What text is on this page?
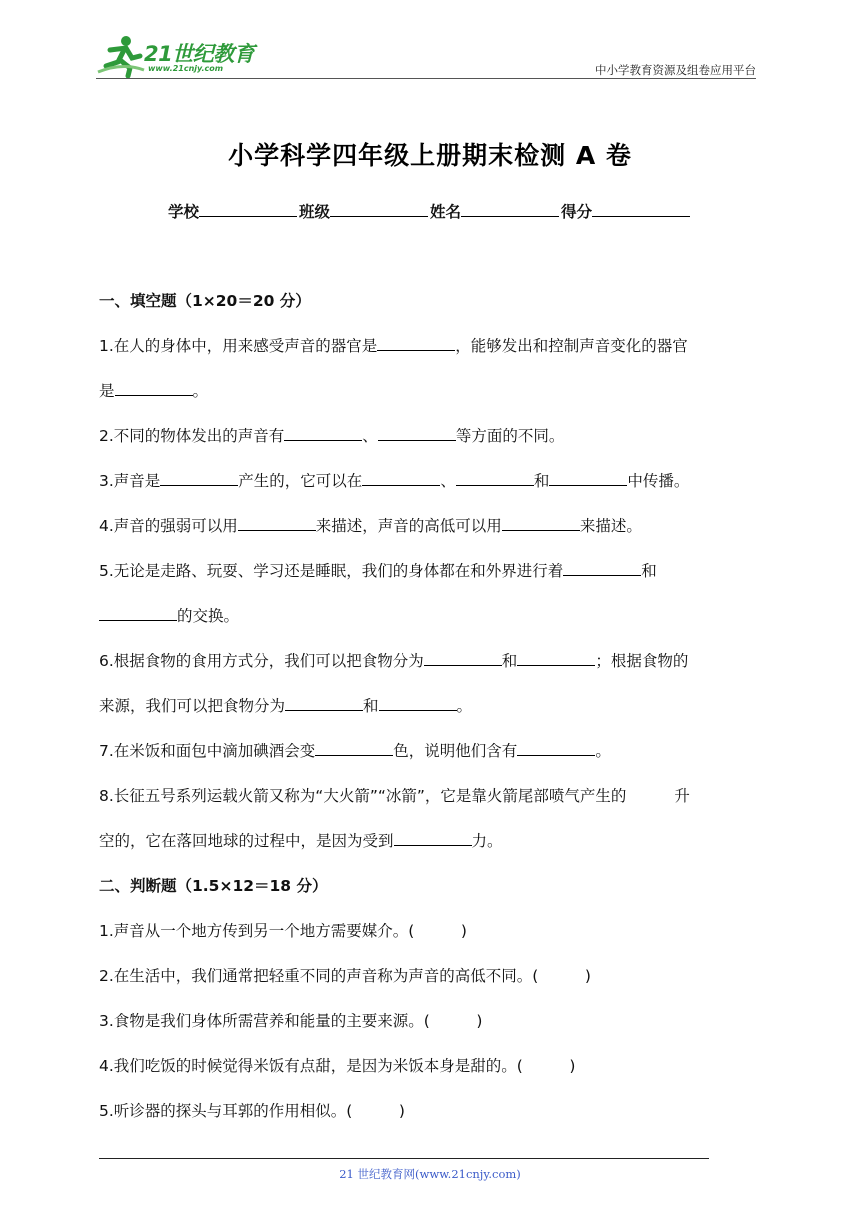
21世纪教育
www.21cnjy.com	中小学教育资源及组卷应用平台
小学科学四年级上册期末检测 A 卷
学校	班级	姓名	得分
一、填空题（1×20＝20 分）
1.在人的身体中，用来感受声音的器官是	，能够发出和控制声音变化的器官
是	。
2.不同的物体发出的声音有	、	等方面的不同。
3.声音是	产生的，它可以在	、	和	中传播。
4.声音的强弱可以用	来描述，声音的高低可以用	来描述。
5.无论是走路、玩耍、学习还是睡眠，我们的身体都在和外界进行着	和
的交换。
6.根据食物的食用方式分，我们可以把食物分为	和	；根据食物的
来源，我们可以把食物分为	和	。
7.在米饭和面包中滴加碘酒会变	色，说明他们含有	。
8.长征五号系列运载火箭又称为“大火箭”“冰箭”，它是靠火箭尾部喷气产生的	升
空的，它在落回地球的过程中，是因为受到	力。
二、判断题（1.5×12＝18 分）
1.声音从一个地方传到另一个地方需要媒介。(　　　)
2.在生活中，我们通常把轻重不同的声音称为声音的高低不同。(　　　)
3.食物是我们身体所需营养和能量的主要来源。(　　　)
4.我们吃饭的时候觉得米饭有点甜，是因为米饭本身是甜的。(　　　)
5.听诊器的探头与耳郭的作用相似。(　　　)
21 世纪教育网(www.21cnjy.com)
